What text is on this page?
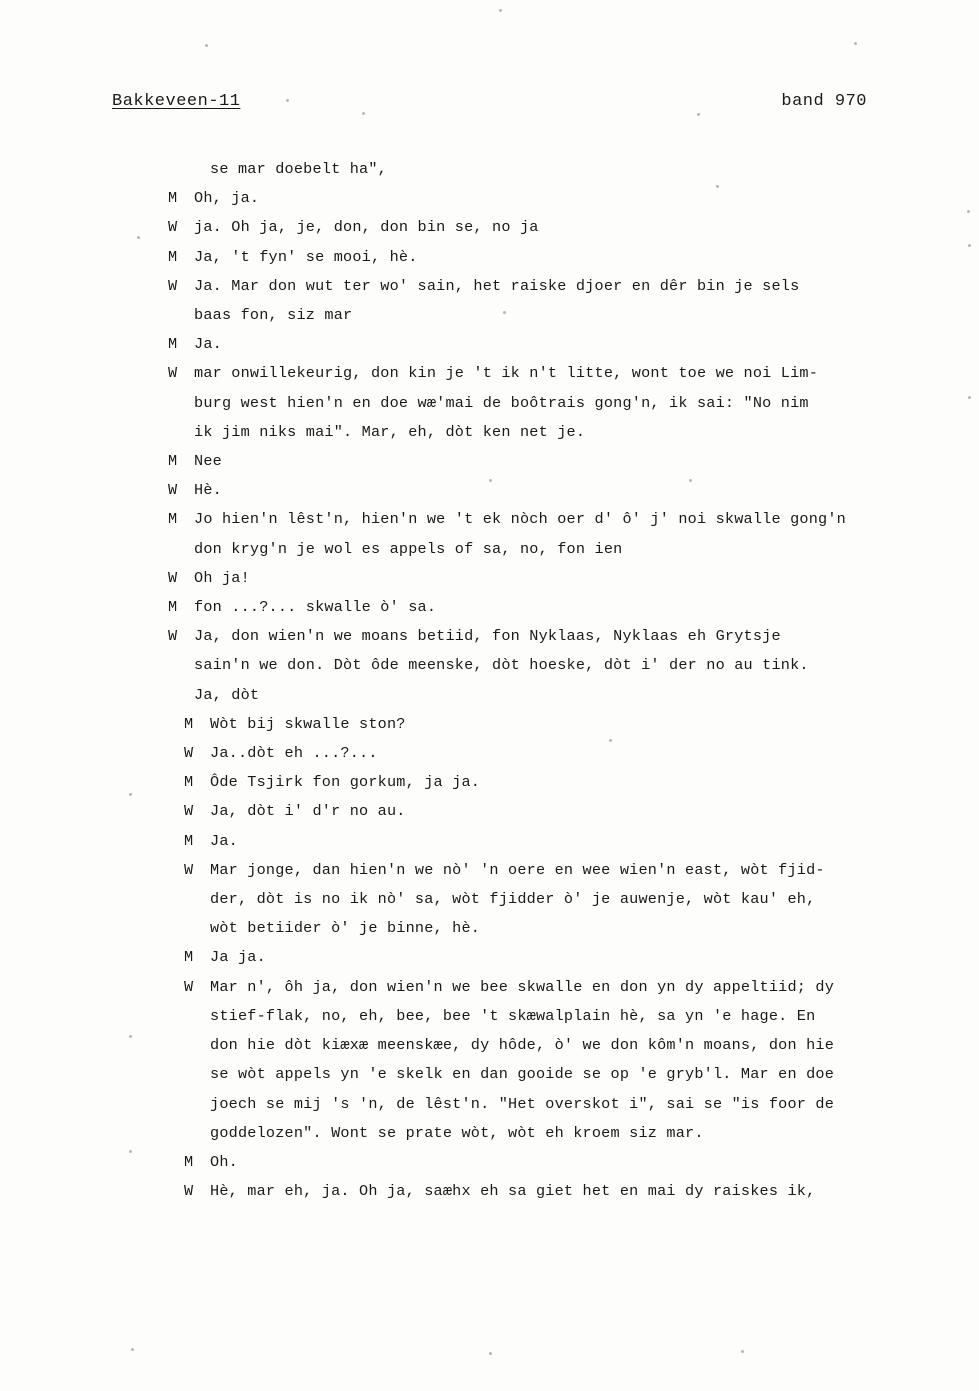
Bakkeveen-11	band 970
se mar doebelt ha",
M	Oh, ja.
W	ja. Oh ja, je, don, don bin se, no ja
M	Ja, 't fyn' se mooi, hè.
W	Ja. Mar don wut ter wo' sain, het raiske djoer en dêr bin je sels
baas fon, siz mar
M	Ja.
W	mar onwillekeurig, don kin je 't ik n't litte, wont toe we noi Lim-
burg west hien'n en doe wæ'mai de boôtrais gong'n, ik sai: "No nim
ik jim niks mai". Mar, eh, dòt ken net je.
M	Nee
W	Hè.
M	Jo hien'n lêst'n, hien'n we 't ek nòch oer d' ô' j' noi skwalle gong'n
don kryg'n je wol es appels of sa, no, fon ien
W	Oh ja!
M	fon ...?... skwalle ò' sa.
W	Ja, don wien'n we moans betiid, fon Nyklaas, Nyklaas eh Grytsje
sain'n we don. Dòt ôde meenske, dòt hoeske, dòt i' der no au tink.
Ja, dòt
M	Wòt bij skwalle ston?
W	Ja..dòt eh ...?...
M	Ôde Tsjirk fon gorkum, ja ja.
W	Ja, dòt i' d'r no au.
M	Ja.
W	Mar jonge, dan hien'n we nò' 'n oere en wee wien'n east, wòt fjid-
der, dòt is no ik nò' sa, wòt fjidder ò' je auwenje, wòt kau' eh,
wòt betiider ò' je binne, hè.
M	Ja ja.
W	Mar n', ôh ja, don wien'n we bee skwalle en don yn dy appeltiid; dy
stief-flak, no, eh, bee, bee 't skæwalplain hè, sa yn 'e hage. En
don hie dòt kiæxæ meenskæe, dy hôde, ò' we don kôm'n moans, don hie
se wòt appels yn 'e skelk en dan gooide se op 'e gryb'l. Mar en doe
joech se mij 's 'n, de lêst'n. "Het overskot i", sai se "is foor de
goddelozen". Wont se prate wòt, wòt eh kroem siz mar.
M	Oh.
W	Hè, mar eh, ja. Oh ja, saæhx eh sa giet het en mai dy raiskes ik,
